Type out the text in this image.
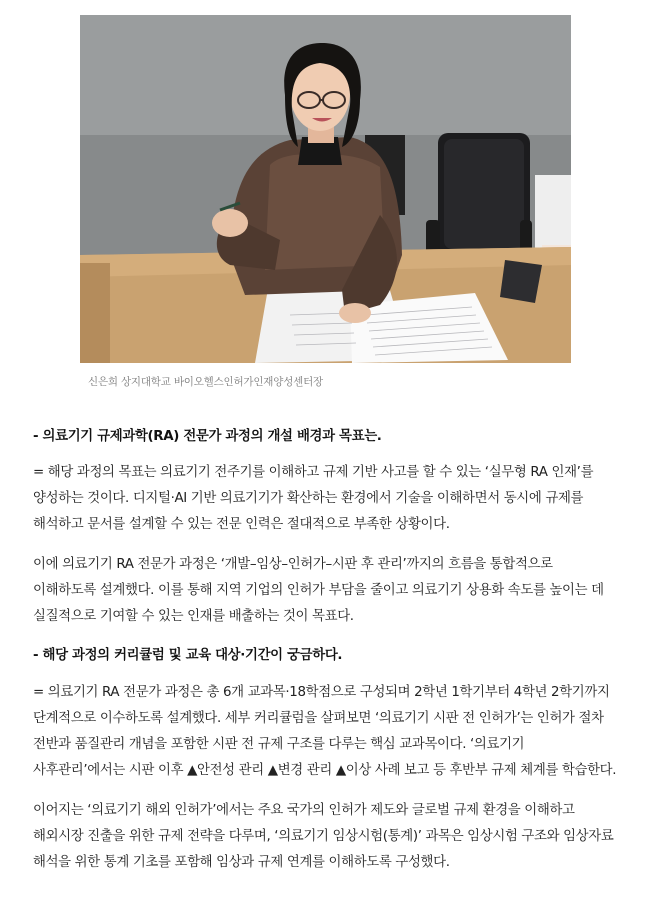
신은희 상지대학교 바이오헬스인허가인재양성센터장

- 의료기기 규제과학(RA) 전문가 과정의 개설 배경과 목표는.

= 해당 과정의 목표는 의료기기 전주기를 이해하고 규제 기반 사고를 할 수 있는 ‘실무형 RA 인재’를 양성하는 것이다. 디지털·AI 기반 의료기기가 확산하는 환경에서 기술을 이해하면서 동시에 규제를 해석하고 문서를 설계할 수 있는 전문 인력은 절대적으로 부족한 상황이다.

이에 의료기기 RA 전문가 과정은 ‘개발–임상–인허가–시판 후 관리’까지의 흐름을 통합적으로 이해하도록 설계했다. 이를 통해 지역 기업의 인허가 부담을 줄이고 의료기기 상용화 속도를 높이는 데 실질적으로 기여할 수 있는 인재를 배출하는 것이 목표다.

- 해당 과정의 커리큘럼 및 교육 대상·기간이 궁금하다.

= 의료기기 RA 전문가 과정은 총 6개 교과목·18학점으로 구성되며 2학년 1학기부터 4학년 2학기까지 단계적으로 이수하도록 설계했다. 세부 커리큘럼을 살펴보면 ‘의료기기 시판 전 인허가’는 인허가 절차 전반과 품질관리 개념을 포함한 시판 전 규제 구조를 다루는 핵심 교과목이다. ‘의료기기 사후관리’에서는 시판 이후 ▲안전성 관리 ▲변경 관리 ▲이상 사례 보고 등 후반부 규제 체계를 학습한다.

이어지는 ‘의료기기 해외 인허가’에서는 주요 국가의 인허가 제도와 글로벌 규제 환경을 이해하고 해외시장 진출을 위한 규제 전략을 다루며, ‘의료기기 임상시험(통계)’ 과목은 임상시험 구조와 임상자료 해석을 위한 통계 기초를 포함해 임상과 규제 연계를 이해하도록 구성했다.
